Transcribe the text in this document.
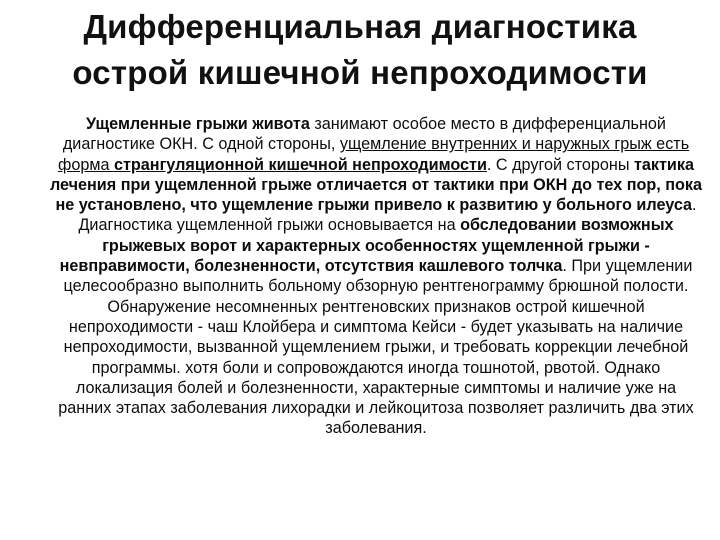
Дифференциальная диагностика
острой кишечной непроходимости

Ущемленные грыжи живота занимают особое место в дифференциальной диагностике ОКН. С одной стороны, ущемление внутренних и наружных грыж есть форма странгуляционной кишечной непроходимости. С другой стороны тактика лечения при ущемленной грыже отличается от тактики при ОКН до тех пор, пока не установлено, что ущемление грыжи привело к развитию у больного илеуса. Диагностика ущемленной грыжи основывается на обследовании возможных грыжевых ворот и характерных особенностях ущемленной грыжи - невправимости, болезненности, отсутствия кашлевого толчка. При ущемлении целесообразно выполнить больному обзорную рентгенограмму брюшной полости. Обнаружение несомненных рентгеновских признаков острой кишечной непроходимости - чаш Клойбера и симптома Кейси - будет указывать на наличие непроходимости, вызванной ущемлением грыжи, и требовать коррекции лечебной программы. хотя боли и сопровождаются иногда тошнотой, рвотой. Однако локализация болей и болезненности, характерные симптомы и наличие уже на ранних этапах заболевания лихорадки и лейкоцитоза позволяет различить два этих заболевания.
